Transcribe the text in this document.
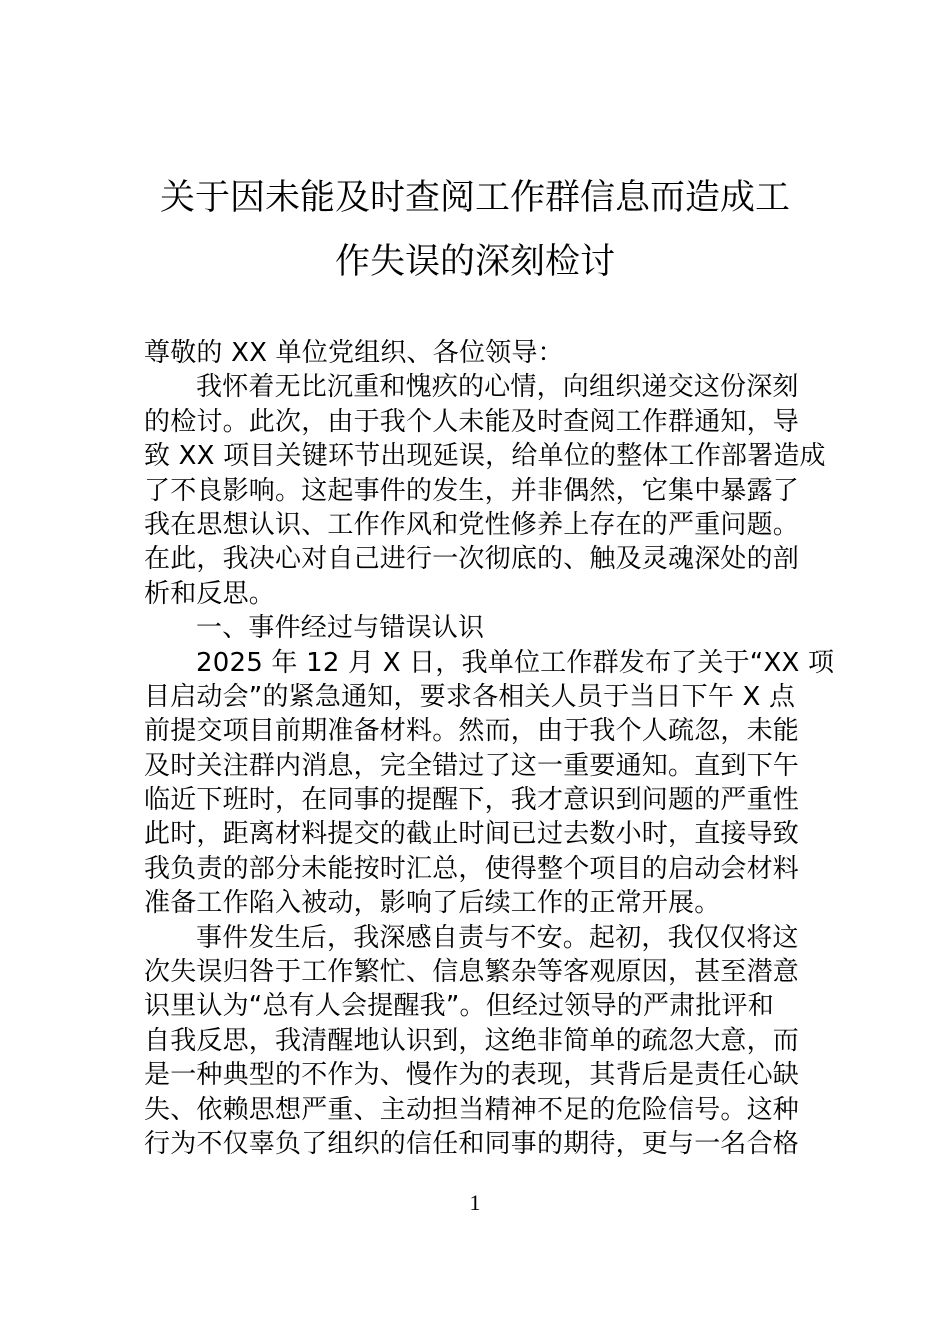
关于因未能及时查阅工作群信息而造成工
作失误的深刻检讨
尊敬的 XX 单位党组织、各位领导：
我怀着无比沉重和愧疚的心情，向组织递交这份深刻
的检讨。此次，由于我个人未能及时查阅工作群通知，导
致 XX 项目关键环节出现延误，给单位的整体工作部署造成
了不良影响。这起事件的发生，并非偶然，它集中暴露了
我在思想认识、工作作风和党性修养上存在的严重问题。
在此，我决心对自己进行一次彻底的、触及灵魂深处的剖
析和反思。
一、事件经过与错误认识
2025 年 12 月 X 日，我单位工作群发布了关于“XX 项
目启动会”的紧急通知，要求各相关人员于当日下午 X 点
前提交项目前期准备材料。然而，由于我个人疏忽，未能
及时关注群内消息，完全错过了这一重要通知。直到下午
临近下班时，在同事的提醒下，我才意识到问题的严重性
此时，距离材料提交的截止时间已过去数小时，直接导致
我负责的部分未能按时汇总，使得整个项目的启动会材料
准备工作陷入被动，影响了后续工作的正常开展。
事件发生后，我深感自责与不安。起初，我仅仅将这
次失误归咎于工作繁忙、信息繁杂等客观原因，甚至潜意
识里认为“总有人会提醒我”。但经过领导的严肃批评和
自我反思，我清醒地认识到，这绝非简单的疏忽大意，而
是一种典型的不作为、慢作为的表现，其背后是责任心缺
失、依赖思想严重、主动担当精神不足的危险信号。这种
行为不仅辜负了组织的信任和同事的期待，更与一名合格
1
